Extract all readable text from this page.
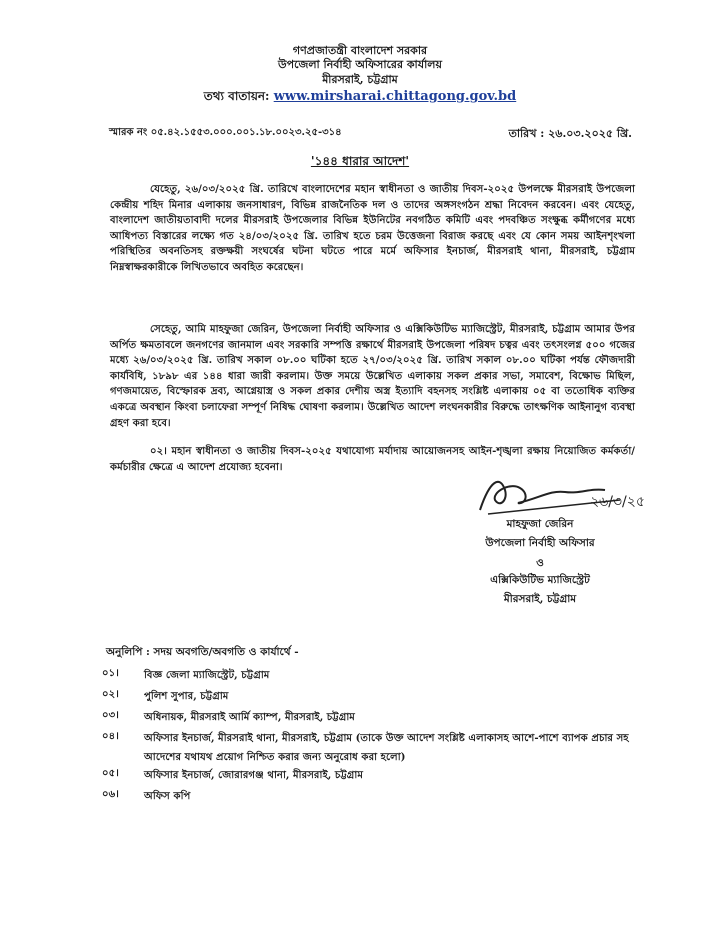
গণপ্রজাতন্ত্রী বাংলাদেশ সরকার
উপজেলা নির্বাহী অফিসারের কার্যালয়
মীরসরাই, চট্টগ্রাম
তথ্য বাতায়ন: www.mirsharai.chittagong.gov.bd
স্মারক নং ০৫.৪২.১৫৫৩.০০০.০০১.১৮.০০২৩.২৫-৩১৪	তারিখ : ২৬.০৩.২০২৫ খ্রি.
'১৪৪ ধারার আদেশ'
যেহেতু, ২৬/০৩/২০২৫ খ্রি. তারিখে বাংলাদেশের মহান স্বাধীনতা ও জাতীয় দিবস-২০২৫ উপলক্ষে মীরসরাই উপজেলা কেন্দ্রীয় শহিদ মিনার এলাকায় জনসাধারণ, বিভিন্ন রাজনৈতিক দল ও তাদের অঙ্গসংগঠন শ্রদ্ধা নিবেদন করবেন। এবং যেহেতু, বাংলাদেশ জাতীয়তাবাদী দলের মীরসরাই উপজেলার বিভিন্ন ইউনিটের নবগঠিত কমিটি এবং পদবঞ্চিত সংক্ষুব্ধ কর্মীগণের মধ্যে আধিপত্য বিস্তারের লক্ষ্যে গত ২৪/০৩/২০২৫ খ্রি. তারিখ হতে চরম উত্তেজনা বিরাজ করছে এবং যে কোন সময় আইনশৃংখলা পরিস্থিতির অবনতিসহ রক্তক্ষয়ী সংঘর্ষের ঘটনা ঘটতে পারে মর্মে অফিসার ইনচার্জ, মীরসরাই থানা, মীরসরাই, চট্টগ্রাম নিম্নস্বাক্ষরকারীকে লিখিতভাবে অবহিত করেছেন।
সেহেতু, আমি মাহফুজা জেরিন, উপজেলা নির্বাহী অফিসার ও এক্সিকিউটিভ ম্যাজিস্ট্রেট, মীরসরাই, চট্টগ্রাম আমার উপর অর্পিত ক্ষমতাবলে জনগণের জানমাল এবং সরকারি সম্পত্তি রক্ষার্থে মীরসরাই উপজেলা পরিষদ চত্বর এবং তৎসংলগ্ন ৫০০ গজের মধ্যে ২৬/০৩/২০২৫ খ্রি. তারিখ সকাল ০৮.০০ ঘটিকা হতে ২৭/০৩/২০২৫ খ্রি. তারিখ সকাল ০৮.০০ ঘটিকা পর্যন্ত ফৌজদারী কার্যবিধি, ১৮৯৮ এর ১৪৪ ধারা জারী করলাম। উক্ত সময়ে উল্লেখিত এলাকায় সকল প্রকার সভা, সমাবেশ, বিক্ষোভ মিছিল, গণজমায়েত, বিস্ফোরক দ্রব্য, আগ্নেয়াস্ত্র ও সকল প্রকার দেশীয় অস্ত্র ইত্যাদি বহনসহ সংশ্লিষ্ট এলাকায় ০৫ বা ততোধিক ব্যক্তির একত্রে অবস্থান কিংবা চলাফেরা সম্পূর্ণ নিষিদ্ধ ঘোষণা করলাম। উল্লেখিত আদেশ লংঘনকারীর বিরুদ্ধে তাৎক্ষণিক আইনানুগ ব্যবস্থা গ্রহণ করা হবে।
০২। মহান স্বাধীনতা ও জাতীয় দিবস-২০২৫ যথাযোগ্য মর্যাদায় আয়োজনসহ আইন-শৃঙ্খলা রক্ষায় নিয়োজিত কর্মকর্তা/কর্মচারীর ক্ষেত্রে এ আদেশ প্রযোজ্য হবেনা।
২৬/৩/২৫
মাহফুজা জেরিন
উপজেলা নির্বাহী অফিসার
ও
এক্সিকিউটিভ ম্যাজিস্ট্রেট
মীরসরাই, চট্টগ্রাম
অনুলিপি : সদয় অবগতি/অবগতি ও কার্যার্থে -
০১।	বিজ্ঞ জেলা ম্যাজিস্ট্রেট, চট্টগ্রাম
০২।	পুলিশ সুপার, চট্টগ্রাম
০৩।	অধিনায়ক, মীরসরাই আর্মি ক্যাম্প, মীরসরাই, চট্টগ্রাম
০৪।	অফিসার ইনচার্জ, মীরসরাই থানা, মীরসরাই, চট্টগ্রাম (তাকে উক্ত আদেশ সংশ্লিষ্ট এলাকাসহ আশে-পাশে ব্যাপক প্রচার সহ আদেশের যথাযথ প্রয়োগ নিশ্চিত করার জন্য অনুরোধ করা হলো)
০৫।	অফিসার ইনচার্জ, জোরারগঞ্জ থানা, মীরসরাই, চট্টগ্রাম
০৬।	অফিস কপি
